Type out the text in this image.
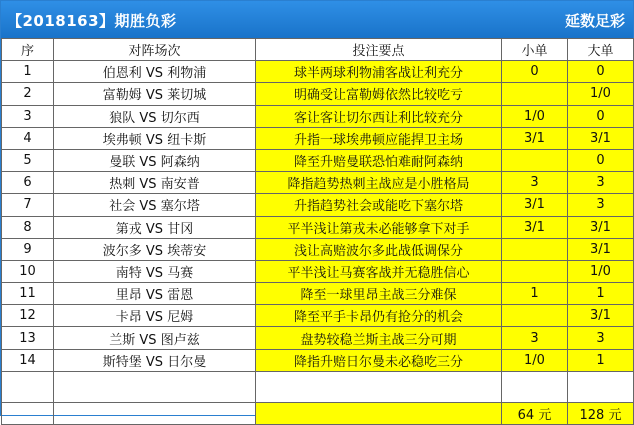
【2018163】期胜负彩	延数足彩
序	对阵场次	投注要点	小单	大单
1	伯恩利 VS 利物浦	球半两球利物浦客战让利充分	0	0
2	富勒姆 VS 莱切城	明确受让富勒姆依然比较吃亏		1/0
3	狼队 VS 切尔西	客让客让切尔西让利比较充分	1/0	0
4	埃弗顿 VS 纽卡斯	升指一球埃弗顿应能捍卫主场	3/1	3/1
5	曼联 VS 阿森纳	降至升赔曼联恐怕难耐阿森纳		0
6	热刺 VS 南安普	降指趋势热刺主战应是小胜格局	3	3
7	社会 VS 塞尔塔	升指趋势社会或能吃下塞尔塔	3/1	3
8	第戎 VS 甘冈	平半浅让第戎未必能够拿下对手	3/1	3/1
9	波尔多 VS 埃蒂安	浅让高赔波尔多此战低调保分		3/1
10	南特 VS 马赛	平半浅让马赛客战并无稳胜信心		1/0
11	里昂 VS 雷恩	降至一球里昂主战三分难保	1	1
12	卡昂 VS 尼姆	降至平手卡昂仍有抢分的机会		3/1
13	兰斯 VS 图卢兹	盘势较稳兰斯主战三分可期	3	3
14	斯特堡 VS 日尔曼	降指升赔日尔曼未必稳吃三分	1/0	1

			64 元	128 元
